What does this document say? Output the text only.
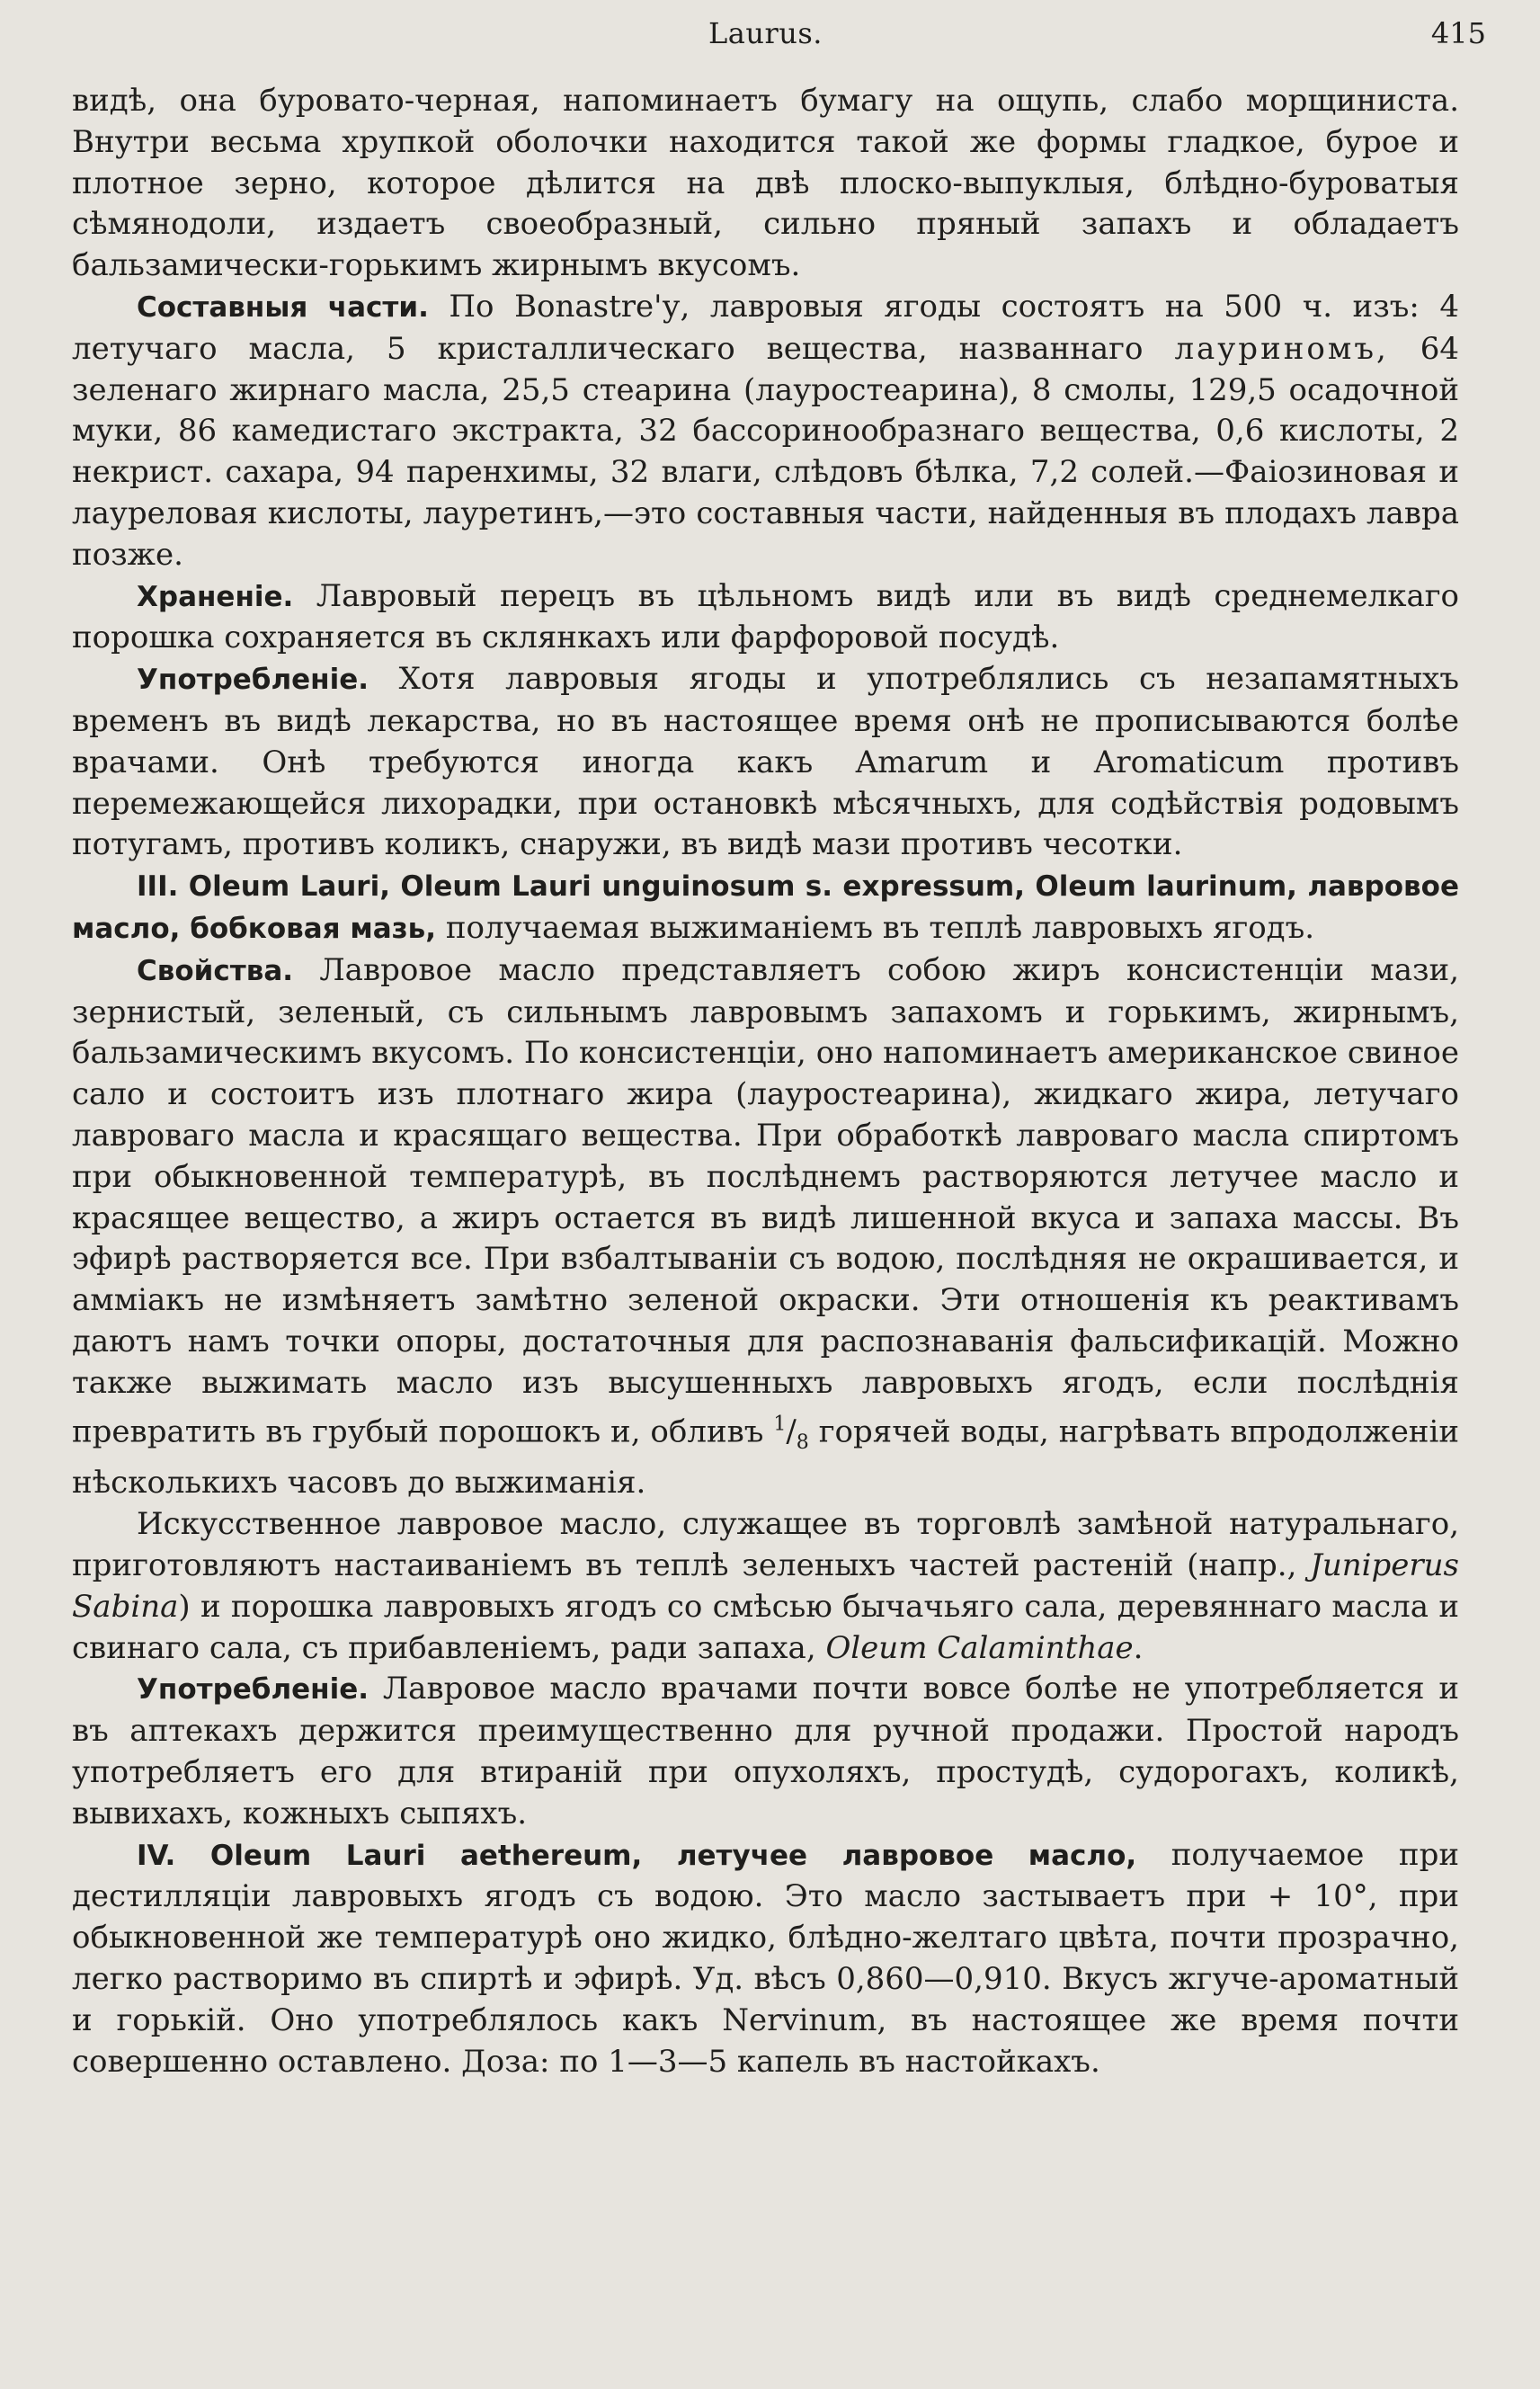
Laurus.	415

видѣ, она буровато-черная, напоминаетъ бумагу на ощупь, слабо морщиниста. Внутри весьма хрупкой оболочки находится такой же формы гладкое, бурое и плотное зерно, которое дѣлится на двѣ плоско-выпуклыя, блѣдно-буроватыя сѣмянодоли, издаетъ своеобразный, сильно пряный запахъ и обладаетъ бальзамически-горькимъ жирнымъ вкусомъ.

Составныя части. По Bonastre'у, лавровыя ягоды состоятъ на 500 ч. изъ: 4 летучаго масла, 5 кристаллическаго вещества, названнаго лауриномъ, 64 зеленаго жирнаго масла, 25,5 стеарина (лауростеарина), 8 смолы, 129,5 осадочной муки, 86 камедистаго экстракта, 32 бассоринообразнаго вещества, 0,6 кислоты, 2 некрист. сахара, 94 паренхимы, 32 влаги, слѣдовъ бѣлка, 7,2 солей.—Фаіозиновая и лауреловая кислоты, лауретинъ,—это составныя части, найденныя въ плодахъ лавра позже.

Храненіе. Лавровый перецъ въ цѣльномъ видѣ или въ видѣ среднемелкаго порошка сохраняется въ склянкахъ или фарфоровой посудѣ.

Употребленіе. Хотя лавровыя ягоды и употреблялись съ незапамятныхъ временъ въ видѣ лекарства, но въ настоящее время онѣ не прописываются болѣе врачами. Онѣ требуются иногда какъ Amarum и Aromaticum противъ перемежающейся лихорадки, при остановкѣ мѣсячныхъ, для содѣйствія родовымъ потугамъ, противъ коликъ, снаружи, въ видѣ мази противъ чесотки.

III. Oleum Lauri, Oleum Lauri unguinosum s. expressum, Oleum laurinum, лавровое масло, бобковая мазь, получаемая выжиманіемъ въ теплѣ лавровыхъ ягодъ.

Свойства. Лавровое масло представляетъ собою жиръ консистенціи мази, зернистый, зеленый, съ сильнымъ лавровымъ запахомъ и горькимъ, жирнымъ, бальзамическимъ вкусомъ. По консистенціи, оно напоминаетъ американское свиное сало и состоитъ изъ плотнаго жира (лауростеарина), жидкаго жира, летучаго лавроваго масла и красящаго вещества. При обработкѣ лавроваго масла спиртомъ при обыкновенной температурѣ, въ послѣднемъ растворяются летучее масло и красящее вещество, а жиръ остается въ видѣ лишенной вкуса и запаха массы. Въ эфирѣ растворяется все. При взбалтываніи съ водою, послѣдняя не окрашивается, и аммiакъ не измѣняетъ замѣтно зеленой окраски. Эти отношенія къ реактивамъ даютъ намъ точки опоры, достаточныя для распознаванія фальсификацій. Можно также выжимать масло изъ высушенныхъ лавровыхъ ягодъ, если послѣднія превратить въ грубый порошокъ и, обливъ $^1/_8$ горячей воды, нагрѣвать впродолженіи нѣсколькихъ часовъ до выжиманія.

Искусственное лавровое масло, служащее въ торговлѣ замѣной натуральнаго, приготовляютъ настаиваніемъ въ теплѣ зеленыхъ частей растеній (напр., Juniperus Sabina) и порошка лавровыхъ ягодъ со смѣсью бычачьяго сала, деревяннаго масла и свинаго сала, съ прибавленіемъ, ради запаха, Oleum Calaminthae.

Употребленіе. Лавровое масло врачами почти вовсе болѣе не употребляется и въ аптекахъ держится преимущественно для ручной продажи. Простой народъ употребляетъ его для втираній при опухоляхъ, простудѣ, судорогахъ, коликѣ, вывихахъ, кожныхъ сыпяхъ.

IV. Oleum Lauri aethereum, летучее лавровое масло, получаемое при дестилляціи лавровыхъ ягодъ съ водою. Это масло застываетъ при + 10°, при обыкновенной же температурѣ оно жидко, блѣдно-желтаго цвѣта, почти прозрачно, легко растворимо въ спиртѣ и эфирѣ. Уд. вѣсъ 0,860—0,910. Вкусъ жгуче-ароматный и горькій. Оно употреблялось какъ Nervinum, въ настоящее же время почти совершенно оставлено. Доза: по 1—3—5 капель въ настойкахъ.
